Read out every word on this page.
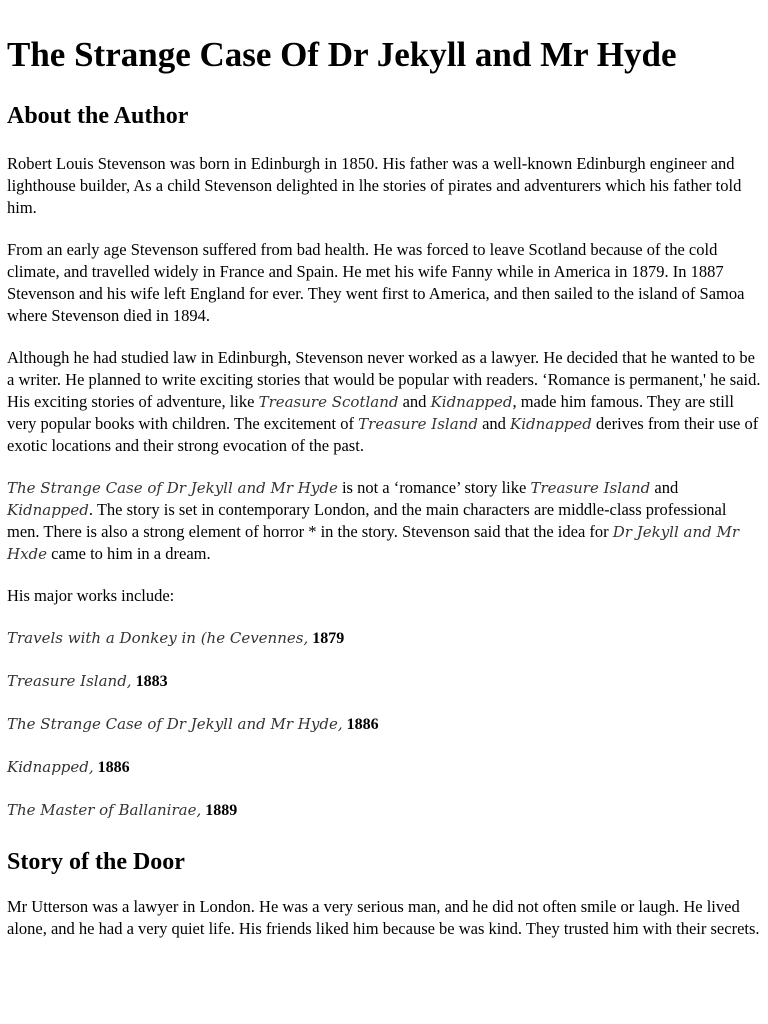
The Strange Case Of Dr Jekyll and Mr Hyde
About the Author

Robert Louis Stevenson was born in Edinburgh in 1850. His father was a well-known Edinburgh engineer and lighthouse builder, As a child Stevenson delighted in lhe stories of pirates and adventurers which his father told him.

From an early age Stevenson suffered from bad health. He was forced to leave Scotland because of the cold climate, and travelled widely in France and Spain. He met his wife Fanny while in America in 1879. In 1887 Stevenson and his wife left England for ever. They went first to America, and then sailed to the island of Samoa where Stevenson died in 1894.

Although he had studied law in Edinburgh, Stevenson never worked as a lawyer. He decided that he wanted to be a writer. He planned to write exciting stories that would be popular with readers. ‘Romance is permanent,' he said. His exciting stories of adventure, like Treasure Scotland and Kidnapped, made him famous. They are still very popular books with children. The excitement of Treasure Island and Kidnapped derives from their use of exotic locations and their strong evocation of the past.

The Strange Case of Dr Jekyll and Mr Hyde is not a ‘romance’ story like Treasure Island and Kidnapped. The story is set in contemporary London, and the main characters are middle-class professional men. There is also a strong element of horror * in the story. Stevenson said that the idea for Dr Jekyll and Mr Hxde came to him in a dream.

His major works include:

Travels with a Donkey in (he Cevennes, 1879

Treasure Island, 1883

The Strange Case of Dr Jekyll and Mr Hyde, 1886

Kidnapped, 1886

The Master of Ballanirae, 1889

Story of the Door

Mr Utterson was a lawyer in London. He was a very serious man, and he did not often smile or laugh. He lived alone, and he had a very quiet life. His friends liked him because be was kind. They trusted him with their secrets.
